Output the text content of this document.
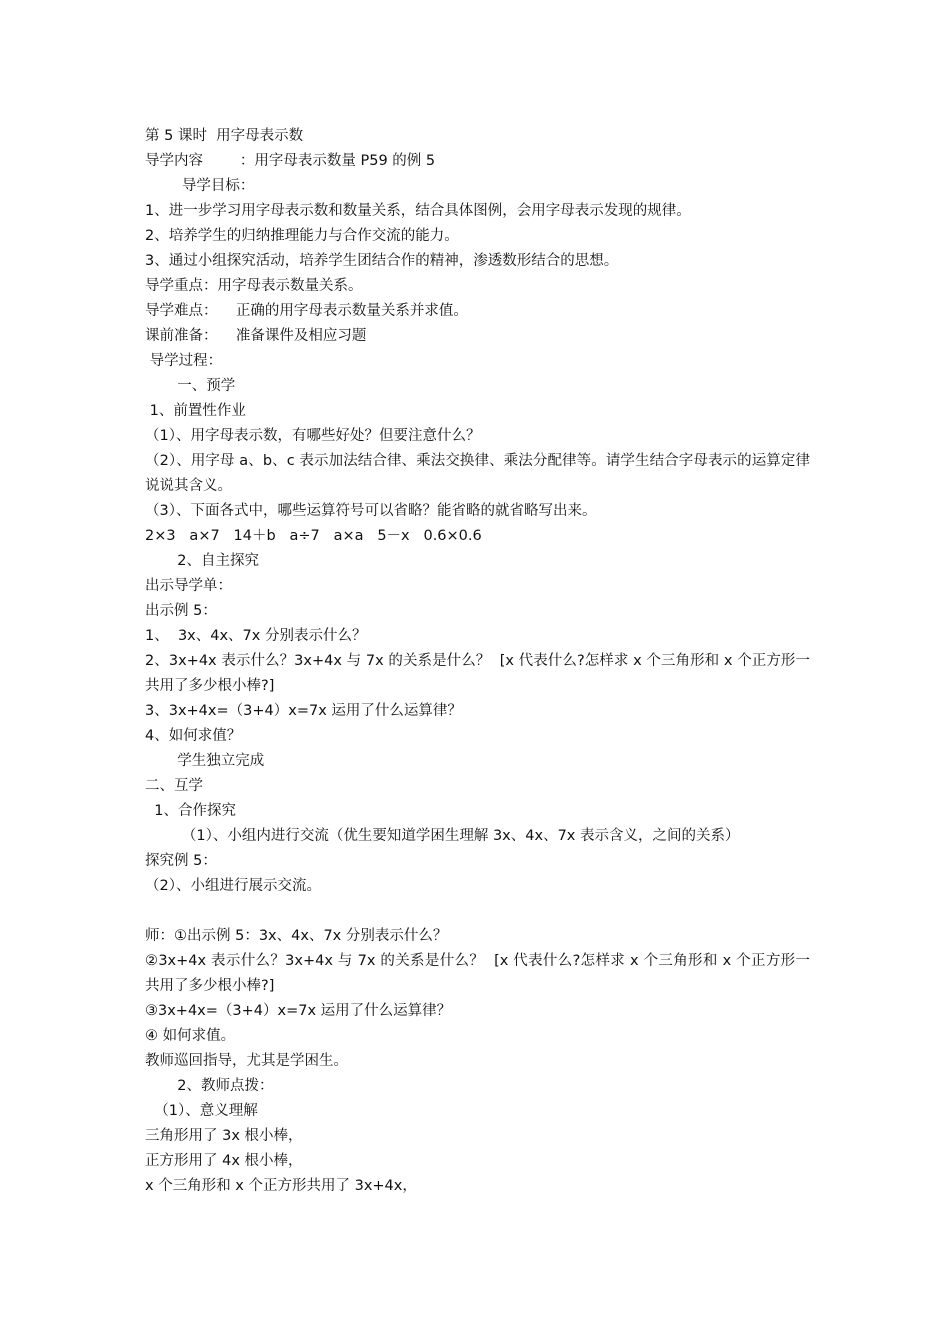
第 5 课时  用字母表示数

导学内容        ：用字母表示数量 P59 的例 5

导学目标：

1、进一步学习用字母表示数和数量关系，结合具体图例，会用字母表示发现的规律。

2、培养学生的归纳推理能力与合作交流的能力。

3、通过小组探究活动，培养学生团结合作的精神，渗透数形结合的思想。

导学重点：用字母表示数量关系。

导学难点：    正确的用字母表示数量关系并求值。

课前准备：    准备课件及相应习题

导学过程：

一、预学

1、前置性作业

（1）、用字母表示数，有哪些好处？但要注意什么？

（2）、用字母 a、b、c 表示加法结合律、乘法交换律、乘法分配律等。请学生结合字母表示的运算定律说说其含义。

（3）、下面各式中，哪些运算符号可以省略？能省略的就省略写出来。

2×3   a×7   14＋b   a÷7   a×a   5－x   0.6×0.6

2、自主探究

出示导学单：

出示例 5：

1、  3x、4x、7x 分别表示什么？

2、3x+4x 表示什么？3x+4x 与 7x 的关系是什么？  [x 代表什么?怎样求 x 个三角形和 x 个正方形一共用了多少根小棒?]

3、3x+4x=（3+4）x=7x 运用了什么运算律？

4、如何求值？

学生独立完成

二、互学

1、合作探究

（1）、小组内进行交流（优生要知道学困生理解 3x、4x、7x 表示含义，之间的关系）

探究例 5：

（2）、小组进行展示交流。

师：①出示例 5：3x、4x、7x 分别表示什么？

②3x+4x 表示什么？3x+4x 与 7x 的关系是什么？  [x 代表什么?怎样求 x 个三角形和 x 个正方形一共用了多少根小棒?]

③3x+4x=（3+4）x=7x 运用了什么运算律？

④ 如何求值。

教师巡回指导，尤其是学困生。

2、教师点拨：

（1）、意义理解

三角形用了 3x 根小棒，

正方形用了 4x 根小棒，

x 个三角形和 x 个正方形共用了 3x+4x，
